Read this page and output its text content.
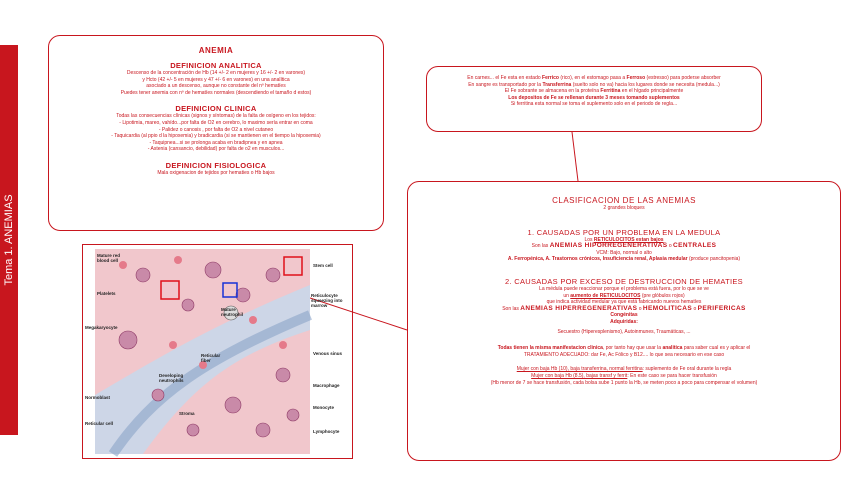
Tema 1. ANEMIAS
ANEMIA
DEFINICION ANALITICA
Descenso de la concentración de Hb (14 +/- 2 en mujeres y 16 +/- 2 en varones)
y Hcto (42 +/- 5 en mujeres y 47 +/- 6 en varones) en una analítica
asociado a un descenso, aunque no constante del nº hematíes
Puedes tener anemia con nº de hematíes normales (descendiendo el tamaño d estos)
DEFINICION CLINICA
Todas las consecuencias clínicas (signos y síntomas) de la falta de oxígeno en los tejidos:
- Lipotimia, mareo, vahído...por falta de O2 en cerebro, lo maximo sería entrar en coma
- Palidez o canosis , por falta de O2 a nivel cutaneo
- Taquicardia (al ppio d la hipoxemia) y bradicardia (si se mantienen en el tiempo la hipoxemia)
- Taquipnea...si se prolonga acaba en bradipnea y en apnea
- Astenia (cansancio, debilidad) por falta de o2 en musculos...
DEFINICION FISIOLOGICA
Mala oxigenacion de tejidos por hematies o Hb bajos
En carnes... el Fe esta en estado Ferrico (rico), en el estomago pasa a Ferroso (estresso) para poderse absorber
En sangre es transportado por la Transferrina (suelto solo no va) hacia los lugares donde se necesita (medula...)
El Fe sobrante se almacena en la proteína Ferritina en el hígado principalmente
Los depositos de Fe se rellenan durante 3 meses tomando suplementos
Si ferritina esta normal se toma el suplemento solo en el periodo de regla...
CLASIFICACION DE LAS ANEMIAS
2 grandes bloques
1. CAUSADAS POR UN PROBLEMA EN LA MEDULA
Los RETICULOCITOS estan bajos
Son las ANEMIAS HIPORREGENERATIVAS o CENTRALES
VCM: Bajo, normal o alto
A. Ferropénica, A. Trastornos crónicos, Insuficiencia renal, Aplasia medular (produce pancitopenia)
2. CAUSADAS POR EXCESO DE DESTRUCCION DE HEMATIES
La médula puede reaccionar porque el problema está fuera, por lo que se ve
un aumento de RETICULOCITOS (pre glóbulos rojos)
que indica actividad medular ya que está fabricando nuevos hematíes
Son las ANEMIAS HIPERREGENERATIVAS o HEMOLITICAS o PERIFERICAS
Congénitas
Adquiridas:
Secuestro (Hiperesplenismo), Autoinmunes, Traumáticas, ...
Todas tienen la misma manifestacion clinica, por tanto hay que usar la analitica para saber cual es y aplicar el
TRATAMIENTO ADECUADO: dar Fe, Ac Fólico y B12.... lo que sea necesario en ese caso
Mujer con baja Hb (10), baja transferrina, normal ferritina: suplemento de Fe oral durante la regla
Mujer con baja Hb (8.5), bajas transf y ferrit: En este caso se para hacer transfusión
(Hb menor de 7 se hace transfusión, cada bolsa sube 1 punto la Hb, se meten poco a poco para compensar el volumen)
Mature red blood cell
Platelets
Megakaryocyte
Reticular fiber
Stem cell
Reticulocyte squeezing into marrow
Mature neutrophil
Venous sinus
Macrophage
Monocyte
Lymphocyte
Stroma
Reticular cell
Developing neutrophils
Normoblast
